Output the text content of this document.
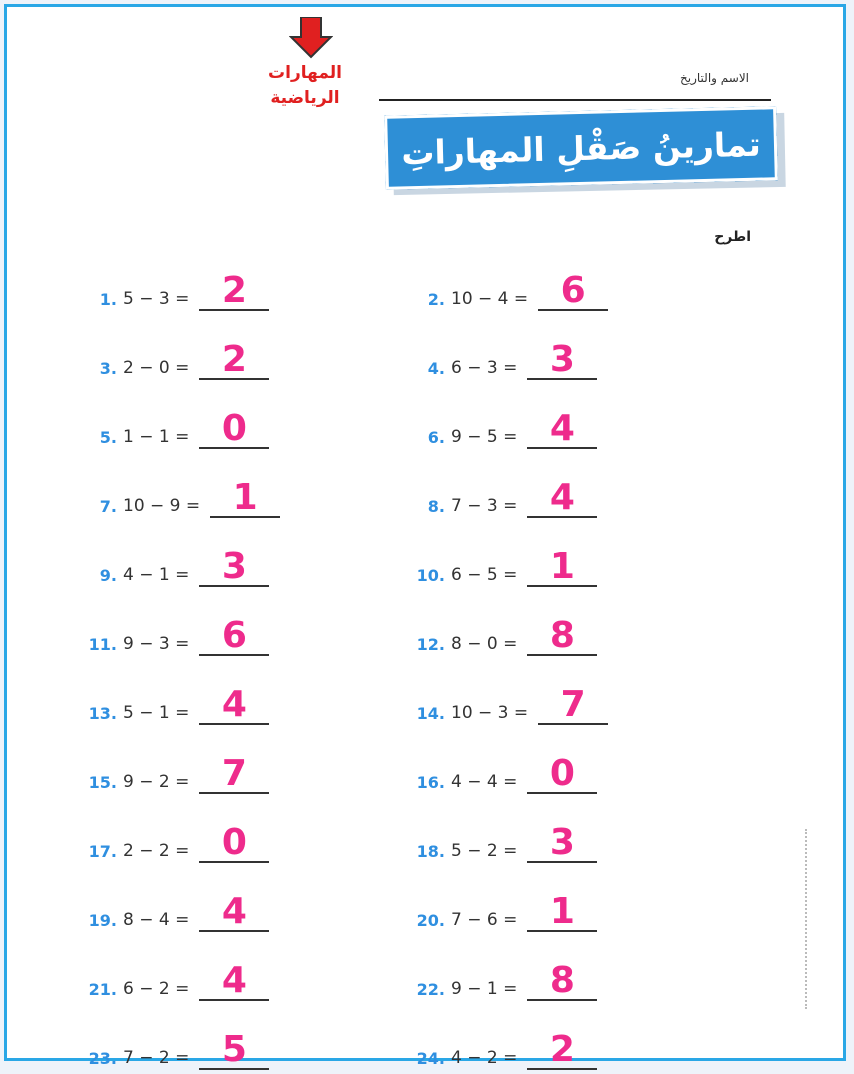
المهارات
الرياضية
الاسم والتاريخ
تمارينُ صَقْلِ المهاراتِ
اطرح
1. 5 − 3 = 2	2. 10 − 4 = 6
3. 2 − 0 = 2	4. 6 − 3 = 3
5. 1 − 1 = 0	6. 9 − 5 = 4
7. 10 − 9 = 1	8. 7 − 3 = 4
9. 4 − 1 = 3	10. 6 − 5 = 1
11. 9 − 3 = 6	12. 8 − 0 = 8
13. 5 − 1 = 4	14. 10 − 3 = 7
15. 9 − 2 = 7	16. 4 − 4 = 0
17. 2 − 2 = 0	18. 5 − 2 = 3
19. 8 − 4 = 4	20. 7 − 6 = 1
21. 6 − 2 = 4	22. 9 − 1 = 8
23. 7 − 2 = 5	24. 4 − 2 = 2
